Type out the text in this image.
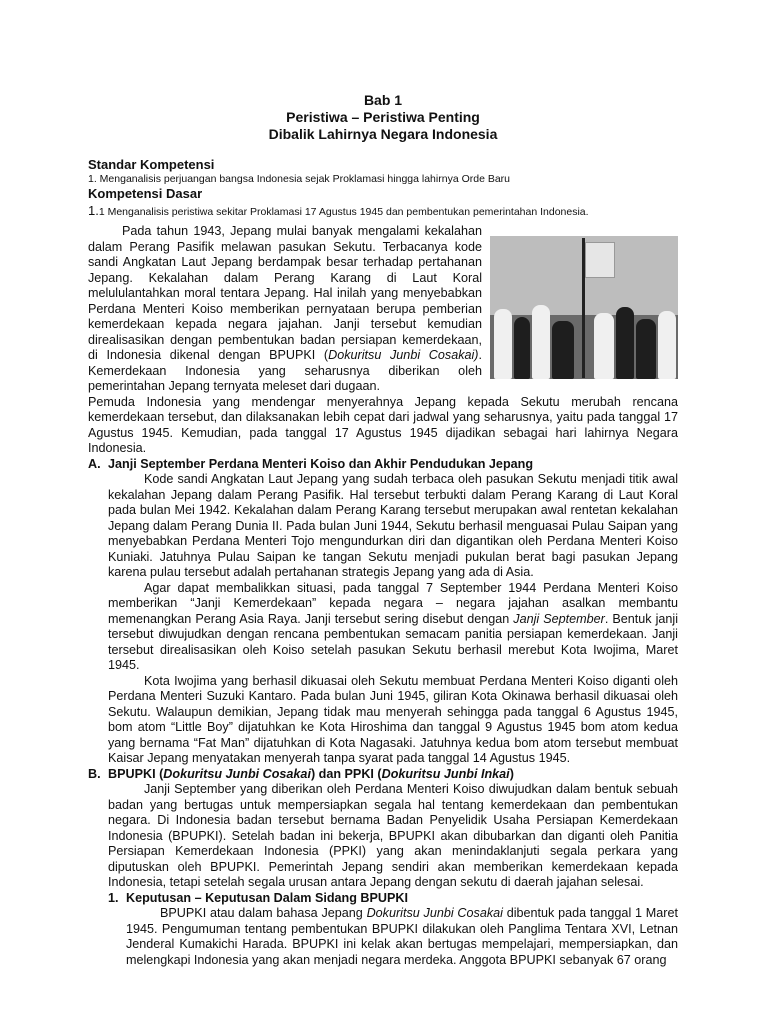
Bab 1
Peristiwa – Peristiwa Penting
Dibalik Lahirnya Negara Indonesia
Standar Kompetensi
1. Menganalisis perjuangan bangsa Indonesia sejak Proklamasi hingga lahirnya Orde Baru
Kompetensi Dasar
1.1 Menganalisis peristiwa sekitar Proklamasi 17 Agustus 1945 dan pembentukan pemerintahan Indonesia.

Pada tahun 1943, Jepang mulai banyak mengalami kekalahan dalam Perang Pasifik melawan pasukan Sekutu. Terbacanya kode sandi Angkatan Laut Jepang berdampak besar terhadap pertahanan Jepang. Kekalahan dalam Perang Karang di Laut Koral melululantahkan moral tentara Jepang. Hal inilah yang menyebabkan Perdana Menteri Koiso memberikan pernyataan berupa pemberian kemerdekaan kepada negara jajahan. Janji tersebut kemudian direalisasikan dengan pembentukan badan persiapan kemerdekaan, di Indonesia dikenal dengan BPUPKI (Dokuritsu Junbi Cosakai). Kemerdekaan Indonesia yang seharusnya diberikan oleh pemerintahan Jepang ternyata meleset dari dugaan.

Pemuda Indonesia yang mendengar menyerahnya Jepang kepada Sekutu merubah rencana kemerdekaan tersebut, dan dilaksanakan lebih cepat dari jadwal yang seharusnya, yaitu pada tanggal 17 Agustus 1945. Kemudian, pada tanggal 17 Agustus 1945 dijadikan sebagai hari lahirnya Negara Indonesia.

A. Janji September Perdana Menteri Koiso dan Akhir Pendudukan Jepang

Kode sandi Angkatan Laut Jepang yang sudah terbaca oleh pasukan Sekutu menjadi titik awal kekalahan Jepang dalam Perang Pasifik. Hal tersebut terbukti dalam Perang Karang di Laut Koral pada bulan Mei 1942. Kekalahan dalam Perang Karang tersebut merupakan awal rentetan kekalahan Jepang dalam Perang Dunia II. Pada bulan Juni 1944, Sekutu berhasil menguasai Pulau Saipan yang menyebabkan Perdana Menteri Tojo mengundurkan diri dan digantikan oleh Perdana Menteri Koiso Kuniaki. Jatuhnya Pulau Saipan ke tangan Sekutu menjadi pukulan berat bagi pasukan Jepang karena pulau tersebut adalah pertahanan strategis Jepang yang ada di Asia.

Agar dapat membalikkan situasi, pada tanggal 7 September 1944 Perdana Menteri Koiso memberikan “Janji Kemerdekaan” kepada negara – negara jajahan asalkan membantu memenangkan Perang Asia Raya. Janji tersebut sering disebut dengan Janji September. Bentuk janji tersebut diwujudkan dengan rencana pembentukan semacam panitia persiapan kemerdekaan. Janji tersebut direalisasikan oleh Koiso setelah pasukan Sekutu berhasil merebut Kota Iwojima, Maret 1945.

Kota Iwojima yang berhasil dikuasai oleh Sekutu membuat Perdana Menteri Koiso diganti oleh Perdana Menteri Suzuki Kantaro. Pada bulan Juni 1945, giliran Kota Okinawa berhasil dikuasai oleh Sekutu. Walaupun demikian, Jepang tidak mau menyerah sehingga pada tanggal 6 Agustus 1945, bom atom “Little Boy” dijatuhkan ke Kota Hiroshima dan tanggal 9 Agustus 1945 bom atom kedua yang bernama “Fat Man” dijatuhkan di Kota Nagasaki. Jatuhnya kedua bom atom tersebut membuat Kaisar Jepang menyatakan menyerah tanpa syarat pada tanggal 14 Agustus 1945.

B. BPUPKI (Dokuritsu Junbi Cosakai) dan PPKI (Dokuritsu Junbi Inkai)

Janji September yang diberikan oleh Perdana Menteri Koiso diwujudkan dalam bentuk sebuah badan yang bertugas untuk mempersiapkan segala hal tentang kemerdekaan dan pembentukan negara. Di Indonesia badan tersebut bernama Badan Penyelidik Usaha Persiapan Kemerdekaan Indonesia (BPUPKI). Setelah badan ini bekerja, BPUPKI akan dibubarkan dan diganti oleh Panitia Persiapan Kemerdekaan Indonesia (PPKI) yang akan menindaklanjuti segala perkara yang diputuskan oleh BPUPKI. Pemerintah Jepang sendiri akan memberikan kemerdekaan kepada Indonesia, tetapi setelah segala urusan antara Jepang dengan sekutu di daerah jajahan selesai.

1. Keputusan – Keputusan Dalam Sidang BPUPKI

BPUPKI atau dalam bahasa Jepang Dokuritsu Junbi Cosakai dibentuk pada tanggal 1 Maret 1945. Pengumuman tentang pembentukan BPUPKI dilakukan oleh Panglima Tentara XVI, Letnan Jenderal Kumakichi Harada. BPUPKI ini kelak akan bertugas mempelajari, mempersiapkan, dan melengkapi Indonesia yang akan menjadi negara merdeka. Anggota BPUPKI sebanyak 67 orang
